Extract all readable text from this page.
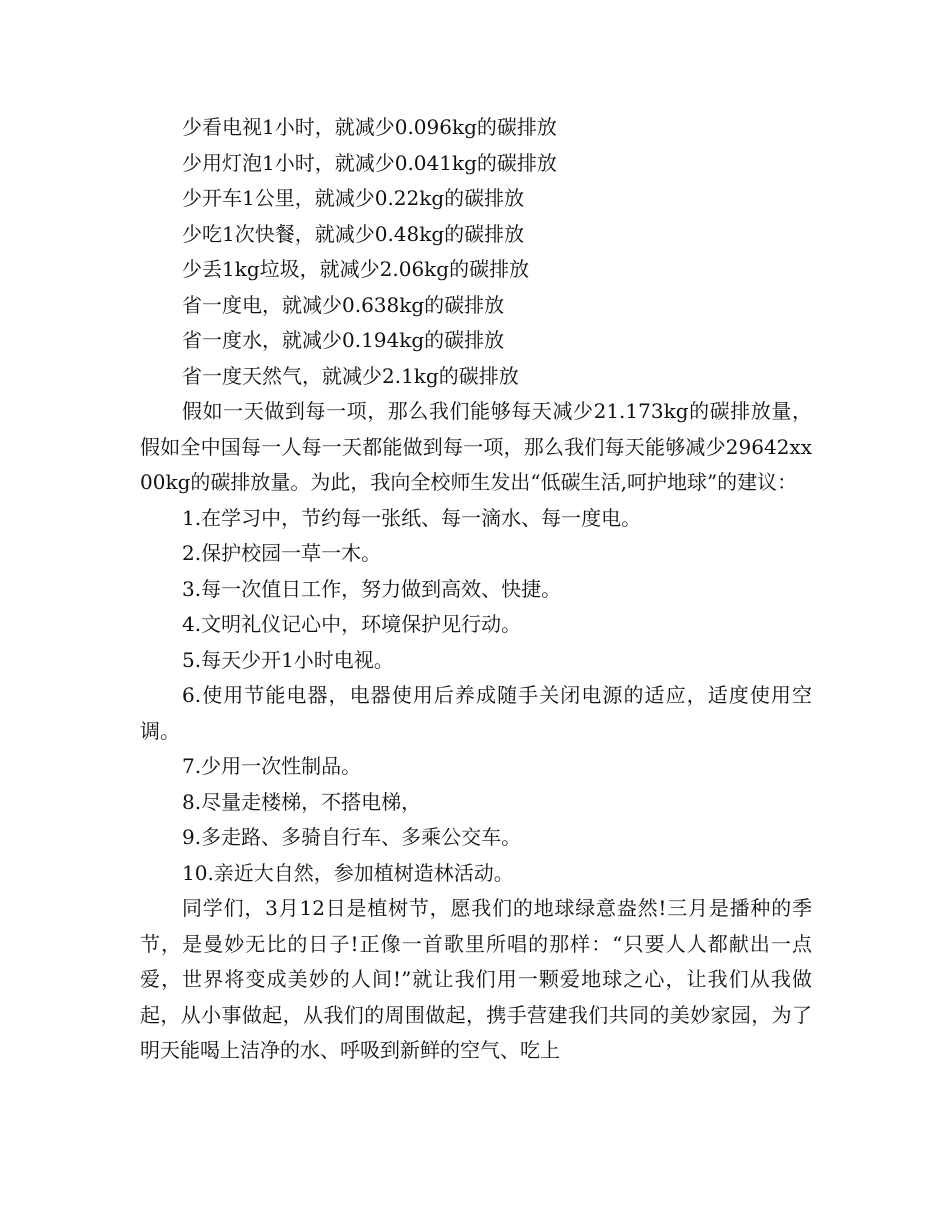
少看电视1小时，就减少0.096kg的碳排放

少用灯泡1小时，就减少0.041kg的碳排放

少开车1公里，就减少0.22kg的碳排放

少吃1次快餐，就减少0.48kg的碳排放

少丢1kg垃圾，就减少2.06kg的碳排放

省一度电，就减少0.638kg的碳排放

省一度水，就减少0.194kg的碳排放

省一度天然气，就减少2.1kg的碳排放

假如一天做到每一项，那么我们能够每天减少21.173kg的碳排放量，假如全中国每一人每一天都能做到每一项，那么我们每天能够减少29642xx00kg的碳排放量。为此，我向全校师生发出“低碳生活,呵护地球”的建议：

1.在学习中，节约每一张纸、每一滴水、每一度电。

2.保护校园一草一木。

3.每一次值日工作，努力做到高效、快捷。

4.文明礼仪记心中，环境保护见行动。

5.每天少开1小时电视。

6.使用节能电器，电器使用后养成随手关闭电源的适应，适度使用空调。

7.少用一次性制品。

8.尽量走楼梯，不搭电梯，

9.多走路、多骑自行车、多乘公交车。

10.亲近大自然，参加植树造林活动。

同学们，3月12日是植树节，愿我们的地球绿意盎然!三月是播种的季节，是曼妙无比的日子!正像一首歌里所唱的那样：“只要人人都献出一点爱，世界将变成美妙的人间!”就让我们用一颗爱地球之心，让我们从我做起，从小事做起，从我们的周围做起，携手营建我们共同的美妙家园，为了明天能喝上洁净的水、呼吸到新鲜的空气、吃上
